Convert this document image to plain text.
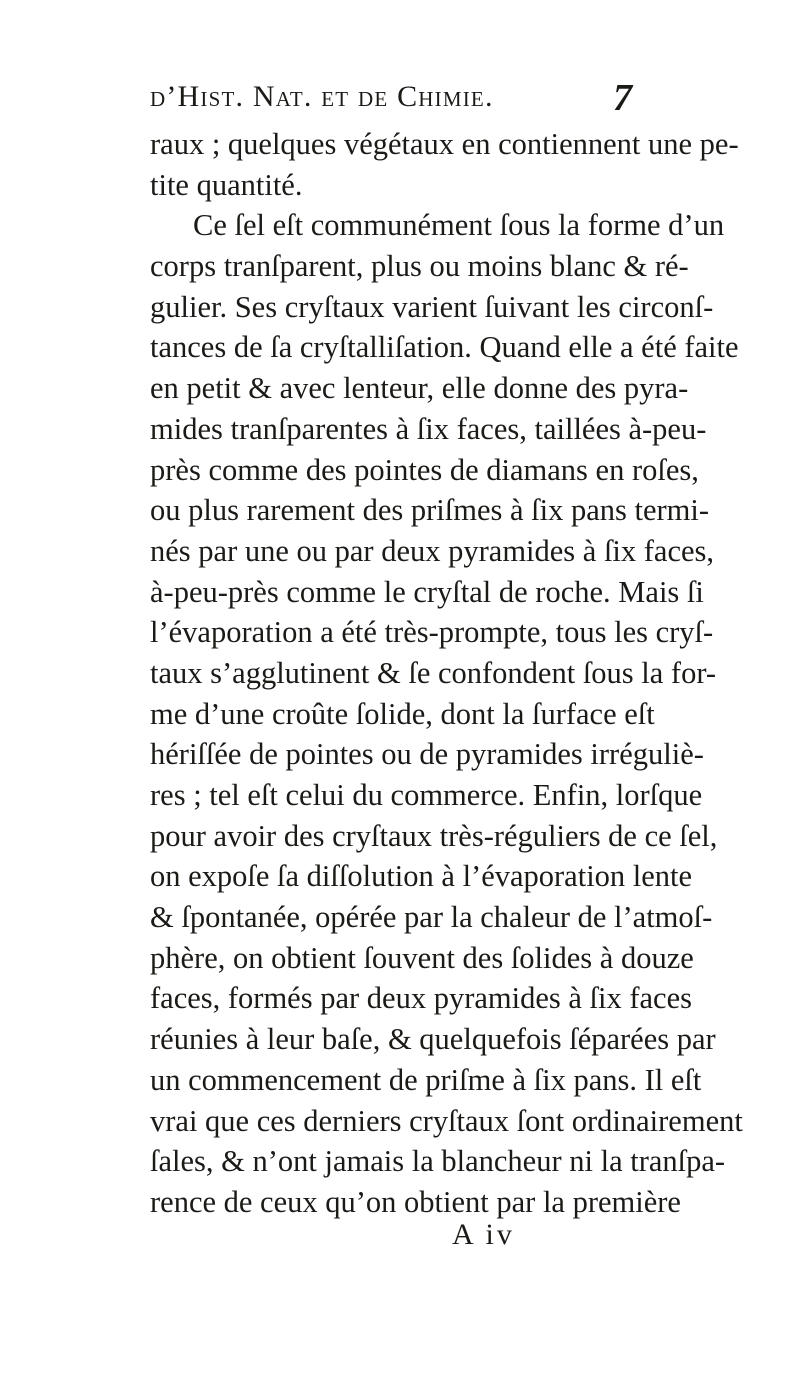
d’Hist. Nat. et de Chimie.	7
raux ; quelques végétaux en contiennent une pe-
tite quantité.
Ce ſel eſt communément ſous la forme d’un
corps tranſparent, plus ou moins blanc & ré-
gulier. Ses cryſtaux varient ſuivant les circonſ-
tances de ſa cryſtalliſation. Quand elle a été faite
en petit & avec lenteur, elle donne des pyra-
mides tranſparentes à ſix faces, taillées à-peu-
près comme des pointes de diamans en roſes,
ou plus rarement des priſmes à ſix pans termi-
nés par une ou par deux pyramides à ſix faces,
à-peu-près comme le cryſtal de roche. Mais ſi
l’évaporation a été très-prompte, tous les cryſ-
taux s’agglutinent & ſe confondent ſous la for-
me d’une croûte ſolide, dont la ſurface eſt
hériſſée de pointes ou de pyramides irréguliè-
res ; tel eſt celui du commerce. Enfin, lorſque
pour avoir des cryſtaux très-réguliers de ce ſel,
on expoſe ſa diſſolution à l’évaporation lente
& ſpontanée, opérée par la chaleur de l’atmoſ-
phère, on obtient ſouvent des ſolides à douze
faces, formés par deux pyramides à ſix faces
réunies à leur baſe, & quelquefois ſéparées par
un commencement de priſme à ſix pans. Il eſt
vrai que ces derniers cryſtaux ſont ordinairement
ſales, & n’ont jamais la blancheur ni la tranſpa-
rence de ceux qu’on obtient par la première
A iv
